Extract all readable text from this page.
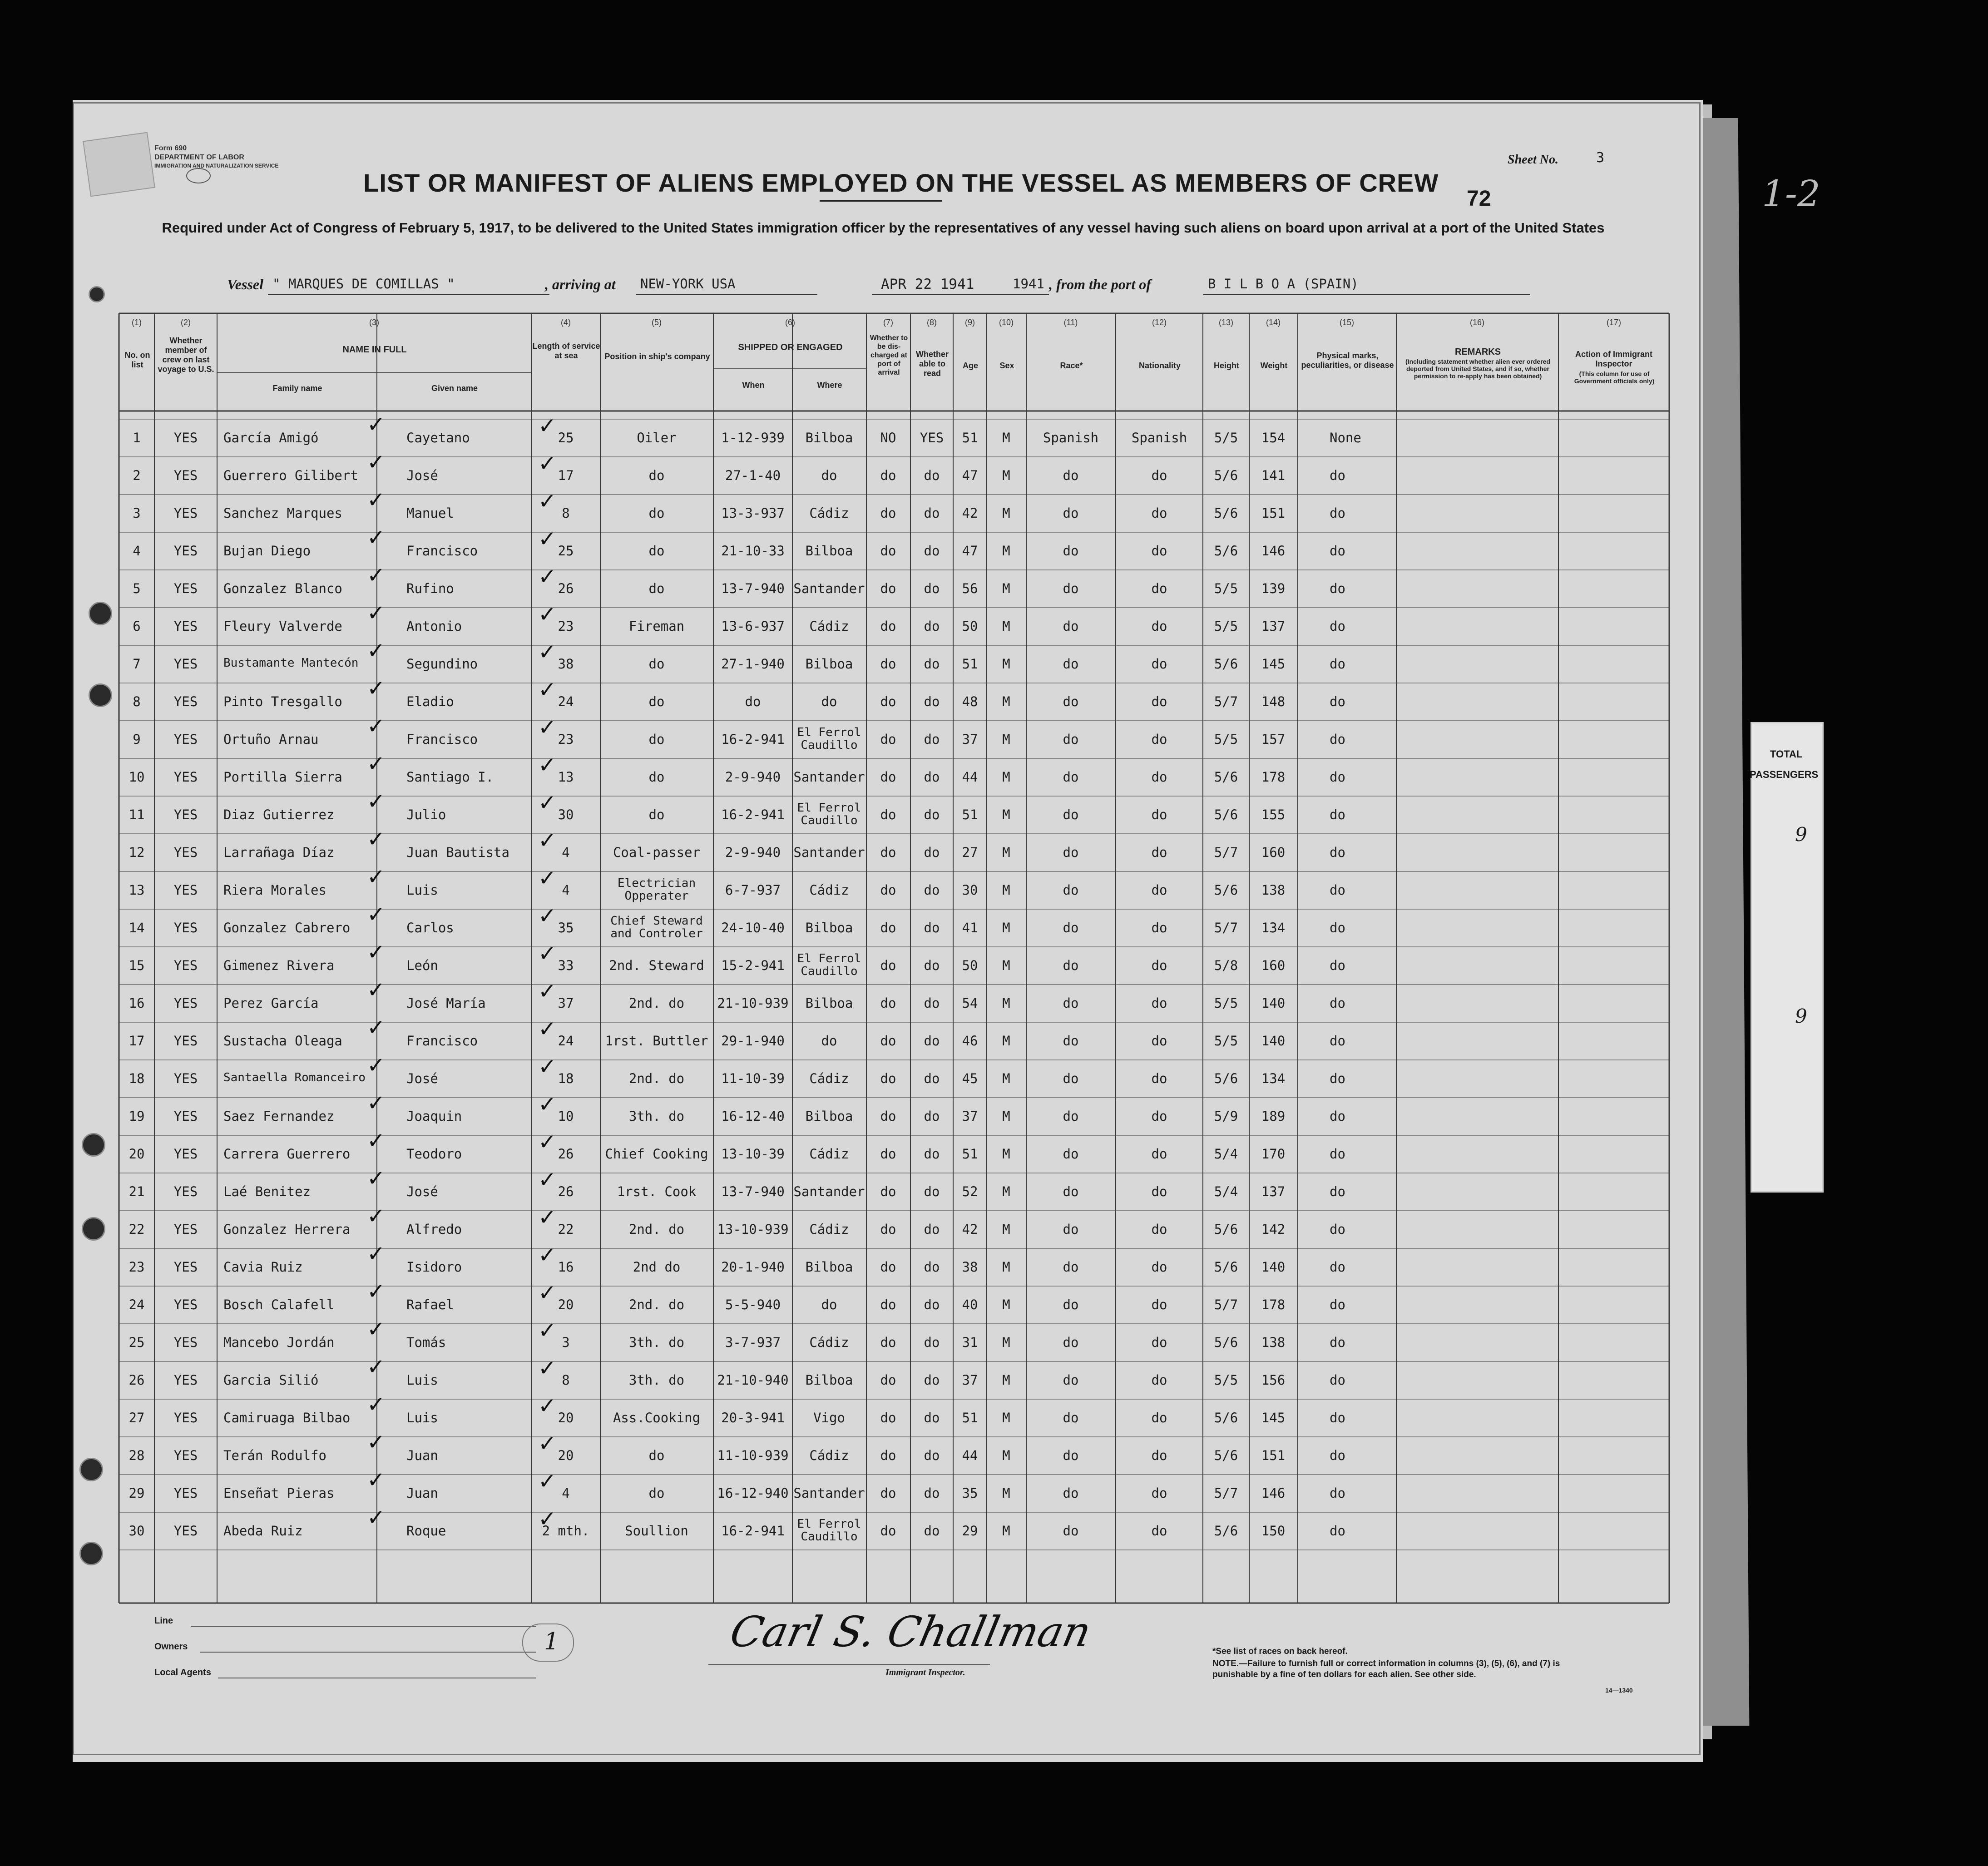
TOTAL
PASSENGERS
9
9
1-2
Form 690
DEPARTMENT OF LABOR
IMMIGRATION AND NATURALIZATION SERVICE
LIST OR MANIFEST OF ALIENS EMPLOYED ON THE VESSEL AS MEMBERS OF CREW
Sheet No.	3
72
Required under Act of Congress of February 5, 1917, to be delivered to the United States immigration officer by the representatives of any vessel having such aliens on board upon arrival at a port of the United States
Vessel " MARQUES DE COMILLAS "	, arriving at NEW-YORK USA	APR 22 1941	1941 , from the port of	B I L B O A (SPAIN)
(1)	(2)	(3)	(4)	(5)	(6)	(7)	(8)	(9)	(10)	(11)	(12)	(13)	(14)	(15)	(16)	(17)
No. on list
Whether member of crew on last voyage to U.S.
NAME IN FULL
Family name	Given name
Length of service at sea	Position in ship's company
SHIPPED OR ENGAGED
When	Where
Whether to be dis-charged at port of arrival
Whether able to read
Age	Sex	Race*	Nationality	Height	Weight
Physical marks, peculiarities, or disease
REMARKS
(Including statement whether alien ever ordered deported from United States, and if so, whether permission to re-apply has been obtained)
Action of Immigrant Inspector
(This column for use of Government officials only)
1	YES	García Amigó	Cayetano	25	Oiler	1-12-939	Bilboa	NO	YES	51	M	Spanish	Spanish	5/5	154	None
✓	✓
2	YES	Guerrero Gilibert	José	17	do	27-1-40	do	do	do	47	M	do	do	5/6	141	do
✓	✓
3	YES	Sanchez Marques	Manuel	8	do	13-3-937	Cádiz	do	do	42	M	do	do	5/6	151	do
✓	✓
4	YES	Bujan Diego	Francisco	25	do	21-10-33	Bilboa	do	do	47	M	do	do	5/6	146	do
✓	✓
5	YES	Gonzalez Blanco	Rufino	26	do	13-7-940 Santander	do	do	56	M	do	do	5/5	139	do
✓	✓
6	YES	Fleury Valverde	Antonio	23	Fireman	13-6-937	Cádiz	do	do	50	M	do	do	5/5	137	do
✓	✓
7	YES	Bustamante Mantecón	Segundino	38	do	27-1-940	Bilboa	do	do	51	M	do	do	5/6	145	do
✓	✓
8	YES	Pinto Tresgallo	Eladio	24	do	do	do	do	do	48	M	do	do	5/7	148	do
✓	✓
9	YES	Ortuño Arnau	Francisco	23	do	16-2-941	El Ferrol Caudillo	do	do	37	M	do	do	5/5	157	do
✓	✓
10	YES	Portilla Sierra	Santiago I.	13	do	2-9-940 Santander	do	do	44	M	do	do	5/6	178	do
✓	✓
11	YES	Diaz Gutierrez	Julio	30	do	16-2-941	El Ferrol Caudillo	do	do	51	M	do	do	5/6	155	do
✓	✓
12	YES	Larrañaga Díaz	Juan Bautista	4	Coal-passer	2-9-940 Santander	do	do	27	M	do	do	5/7	160	do
✓	✓
13	YES	Riera Morales	Luis	4	Electrician Opperater	6-7-937	Cádiz	do	do	30	M	do	do	5/6	138	do
✓	✓
14	YES	Gonzalez Cabrero	Carlos	35	Chief Steward and Controler	24-10-40	Bilboa	do	do	41	M	do	do	5/7	134	do
✓	✓
15	YES	Gimenez Rivera	León	33	2nd. Steward	15-2-941	El Ferrol Caudillo	do	do	50	M	do	do	5/8	160	do
✓	✓
16	YES	Perez García	José María	37	2nd. do	21-10-939	Bilboa	do	do	54	M	do	do	5/5	140	do
✓	✓
17	YES	Sustacha Oleaga	Francisco	24	1rst. Buttler 29-1-940	do	do	do	46	M	do	do	5/5	140	do
✓	✓
18	YES	Santaella Romanceiro	José	18	2nd. do	11-10-39	Cádiz	do	do	45	M	do	do	5/6	134	do
✓	✓
19	YES	Saez Fernandez	Joaquin	10	3th. do	16-12-40	Bilboa	do	do	37	M	do	do	5/9	189	do
✓	✓
20	YES	Carrera Guerrero	Teodoro	26	Chief Cooking 13-10-39	Cádiz	do	do	51	M	do	do	5/4	170	do
✓	✓
21	YES	Laé Benitez	José	26	1rst. Cook	13-7-940 Santander	do	do	52	M	do	do	5/4	137	do
✓	✓
22	YES	Gonzalez Herrera	Alfredo	22	2nd. do	13-10-939	Cádiz	do	do	42	M	do	do	5/6	142	do
✓	✓
23	YES	Cavia Ruiz	Isidoro	16	2nd do	20-1-940	Bilboa	do	do	38	M	do	do	5/6	140	do
✓	✓
24	YES	Bosch Calafell	Rafael	20	2nd. do	5-5-940	do	do	do	40	M	do	do	5/7	178	do
✓	✓
25	YES	Mancebo Jordán	Tomás	3	3th. do	3-7-937	Cádiz	do	do	31	M	do	do	5/6	138	do
✓	✓
26	YES	Garcia Silió	Luis	8	3th. do	21-10-940	Bilboa	do	do	37	M	do	do	5/5	156	do
✓	✓
27	YES	Camiruaga Bilbao	Luis	20	Ass.Cooking	20-3-941	Vigo	do	do	51	M	do	do	5/6	145	do
✓	✓
28	YES	Terán Rodulfo	Juan	20	do	11-10-939	Cádiz	do	do	44	M	do	do	5/6	151	do
✓	✓
29	YES	Enseñat Pieras	Juan	4	do	16-12-940 Santander	do	do	35	M	do	do	5/7	146	do
✓	✓
30	YES	Abeda Ruiz	Roque	2 mth.	Soullion	16-2-941	El Ferrol Caudillo	do	do	29	M	do	do	5/6	150	do
✓	✓
Line
Owners
Local Agents
1	Carl S. Challman
Immigrant Inspector.
*See list of races on back hereof.
NOTE.—Failure to furnish full or correct information in columns (3), (5), (6), and (7) is punishable by a fine of ten dollars for each alien. See other side.
14—1340
